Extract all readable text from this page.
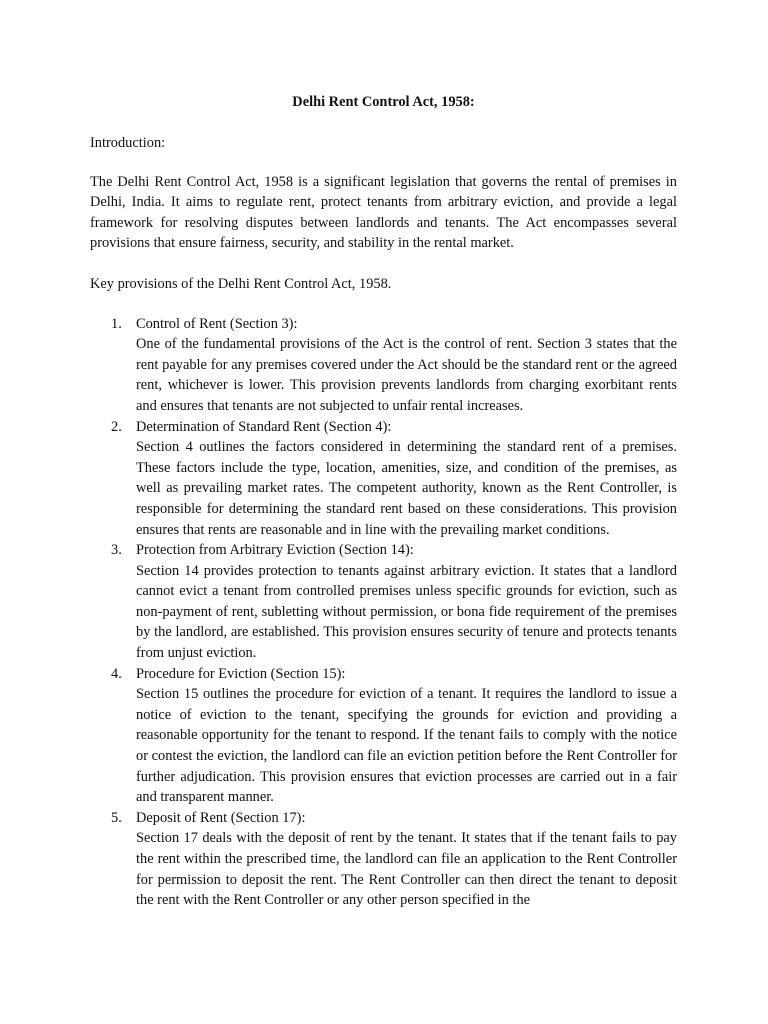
Delhi Rent Control Act, 1958:

Introduction:

The Delhi Rent Control Act, 1958 is a significant legislation that governs the rental of premises in Delhi, India. It aims to regulate rent, protect tenants from arbitrary eviction, and provide a legal framework for resolving disputes between landlords and tenants. The Act encompasses several provisions that ensure fairness, security, and stability in the rental market.

Key provisions of the Delhi Rent Control Act, 1958.

1. Control of Rent (Section 3):
One of the fundamental provisions of the Act is the control of rent. Section 3 states that the rent payable for any premises covered under the Act should be the standard rent or the agreed rent, whichever is lower. This provision prevents landlords from charging exorbitant rents and ensures that tenants are not subjected to unfair rental increases.
2. Determination of Standard Rent (Section 4):
Section 4 outlines the factors considered in determining the standard rent of a premises. These factors include the type, location, amenities, size, and condition of the premises, as well as prevailing market rates. The competent authority, known as the Rent Controller, is responsible for determining the standard rent based on these considerations. This provision ensures that rents are reasonable and in line with the prevailing market conditions.
3. Protection from Arbitrary Eviction (Section 14):
Section 14 provides protection to tenants against arbitrary eviction. It states that a landlord cannot evict a tenant from controlled premises unless specific grounds for eviction, such as non-payment of rent, subletting without permission, or bona fide requirement of the premises by the landlord, are established. This provision ensures security of tenure and protects tenants from unjust eviction.
4. Procedure for Eviction (Section 15):
Section 15 outlines the procedure for eviction of a tenant. It requires the landlord to issue a notice of eviction to the tenant, specifying the grounds for eviction and providing a reasonable opportunity for the tenant to respond. If the tenant fails to comply with the notice or contest the eviction, the landlord can file an eviction petition before the Rent Controller for further adjudication. This provision ensures that eviction processes are carried out in a fair and transparent manner.
5. Deposit of Rent (Section 17):
Section 17 deals with the deposit of rent by the tenant. It states that if the tenant fails to pay the rent within the prescribed time, the landlord can file an application to the Rent Controller for permission to deposit the rent. The Rent Controller can then direct the tenant to deposit the rent with the Rent Controller or any other person specified in the
